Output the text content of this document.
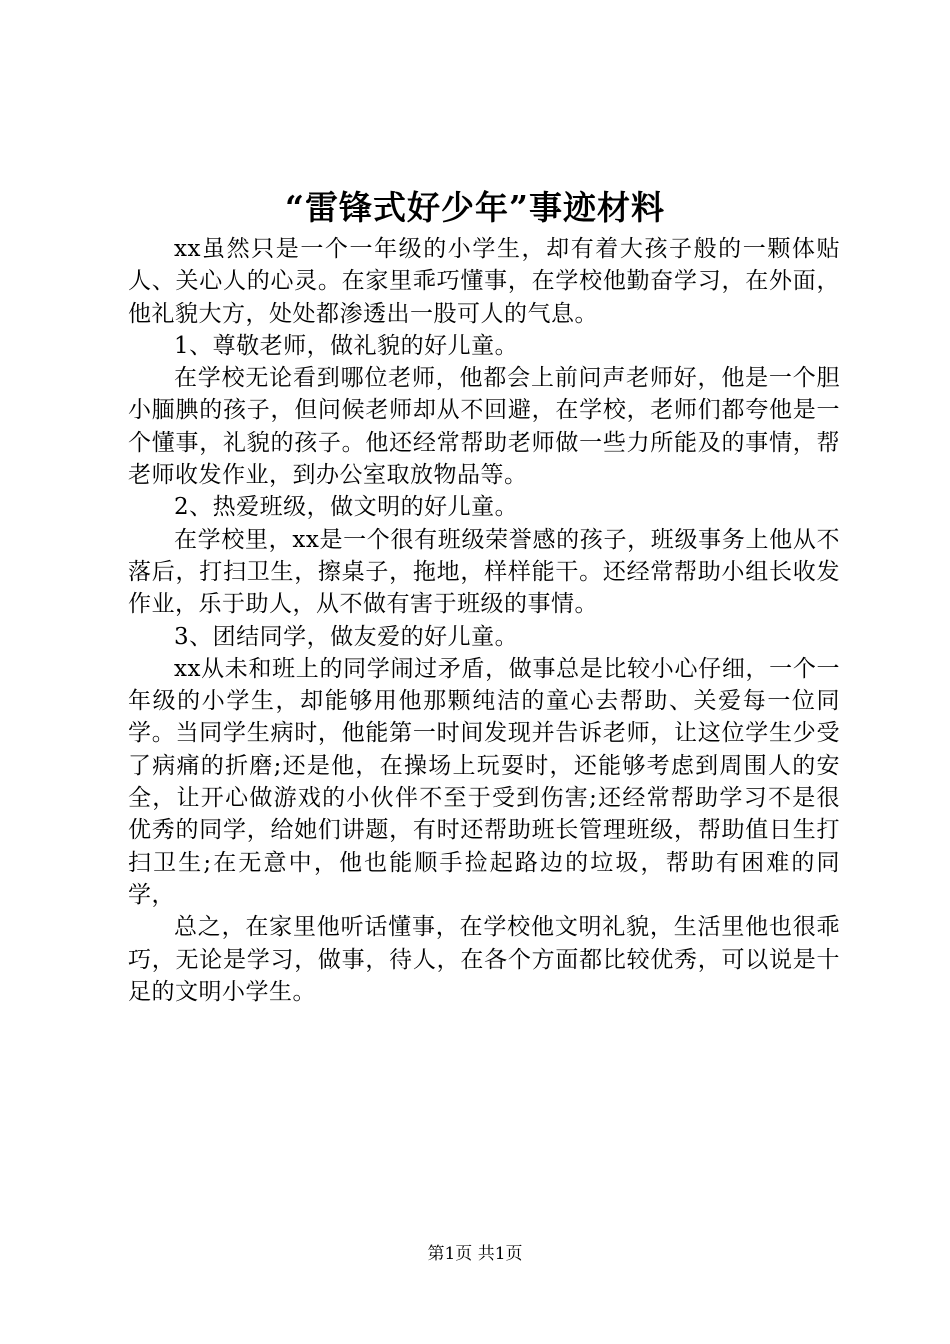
“雷锋式好少年”事迹材料

xx虽然只是一个一年级的小学生，却有着大孩子般的一颗体贴人、关心人的心灵。在家里乖巧懂事，在学校他勤奋学习，在外面，他礼貌大方，处处都渗透出一股可人的气息。

1、尊敬老师，做礼貌的好儿童。

在学校无论看到哪位老师，他都会上前问声老师好，他是一个胆小腼腆的孩子，但问候老师却从不回避，在学校，老师们都夸他是一个懂事，礼貌的孩子。他还经常帮助老师做一些力所能及的事情，帮老师收发作业，到办公室取放物品等。

2、热爱班级，做文明的好儿童。

在学校里，xx是一个很有班级荣誉感的孩子，班级事务上他从不落后，打扫卫生，擦桌子，拖地，样样能干。还经常帮助小组长收发作业，乐于助人，从不做有害于班级的事情。

3、团结同学，做友爱的好儿童。

xx从未和班上的同学闹过矛盾，做事总是比较小心仔细，一个一年级的小学生，却能够用他那颗纯洁的童心去帮助、关爱每一位同学。当同学生病时，他能第一时间发现并告诉老师，让这位学生少受了病痛的折磨;还是他，在操场上玩耍时，还能够考虑到周围人的安全，让开心做游戏的小伙伴不至于受到伤害;还经常帮助学习不是很优秀的同学，给她们讲题，有时还帮助班长管理班级，帮助值日生打扫卫生;在无意中，他也能顺手捡起路边的垃圾，帮助有困难的同学，

总之，在家里他听话懂事，在学校他文明礼貌，生活里他也很乖巧，无论是学习，做事，待人，在各个方面都比较优秀，可以说是十足的文明小学生。

第1页 共1页
